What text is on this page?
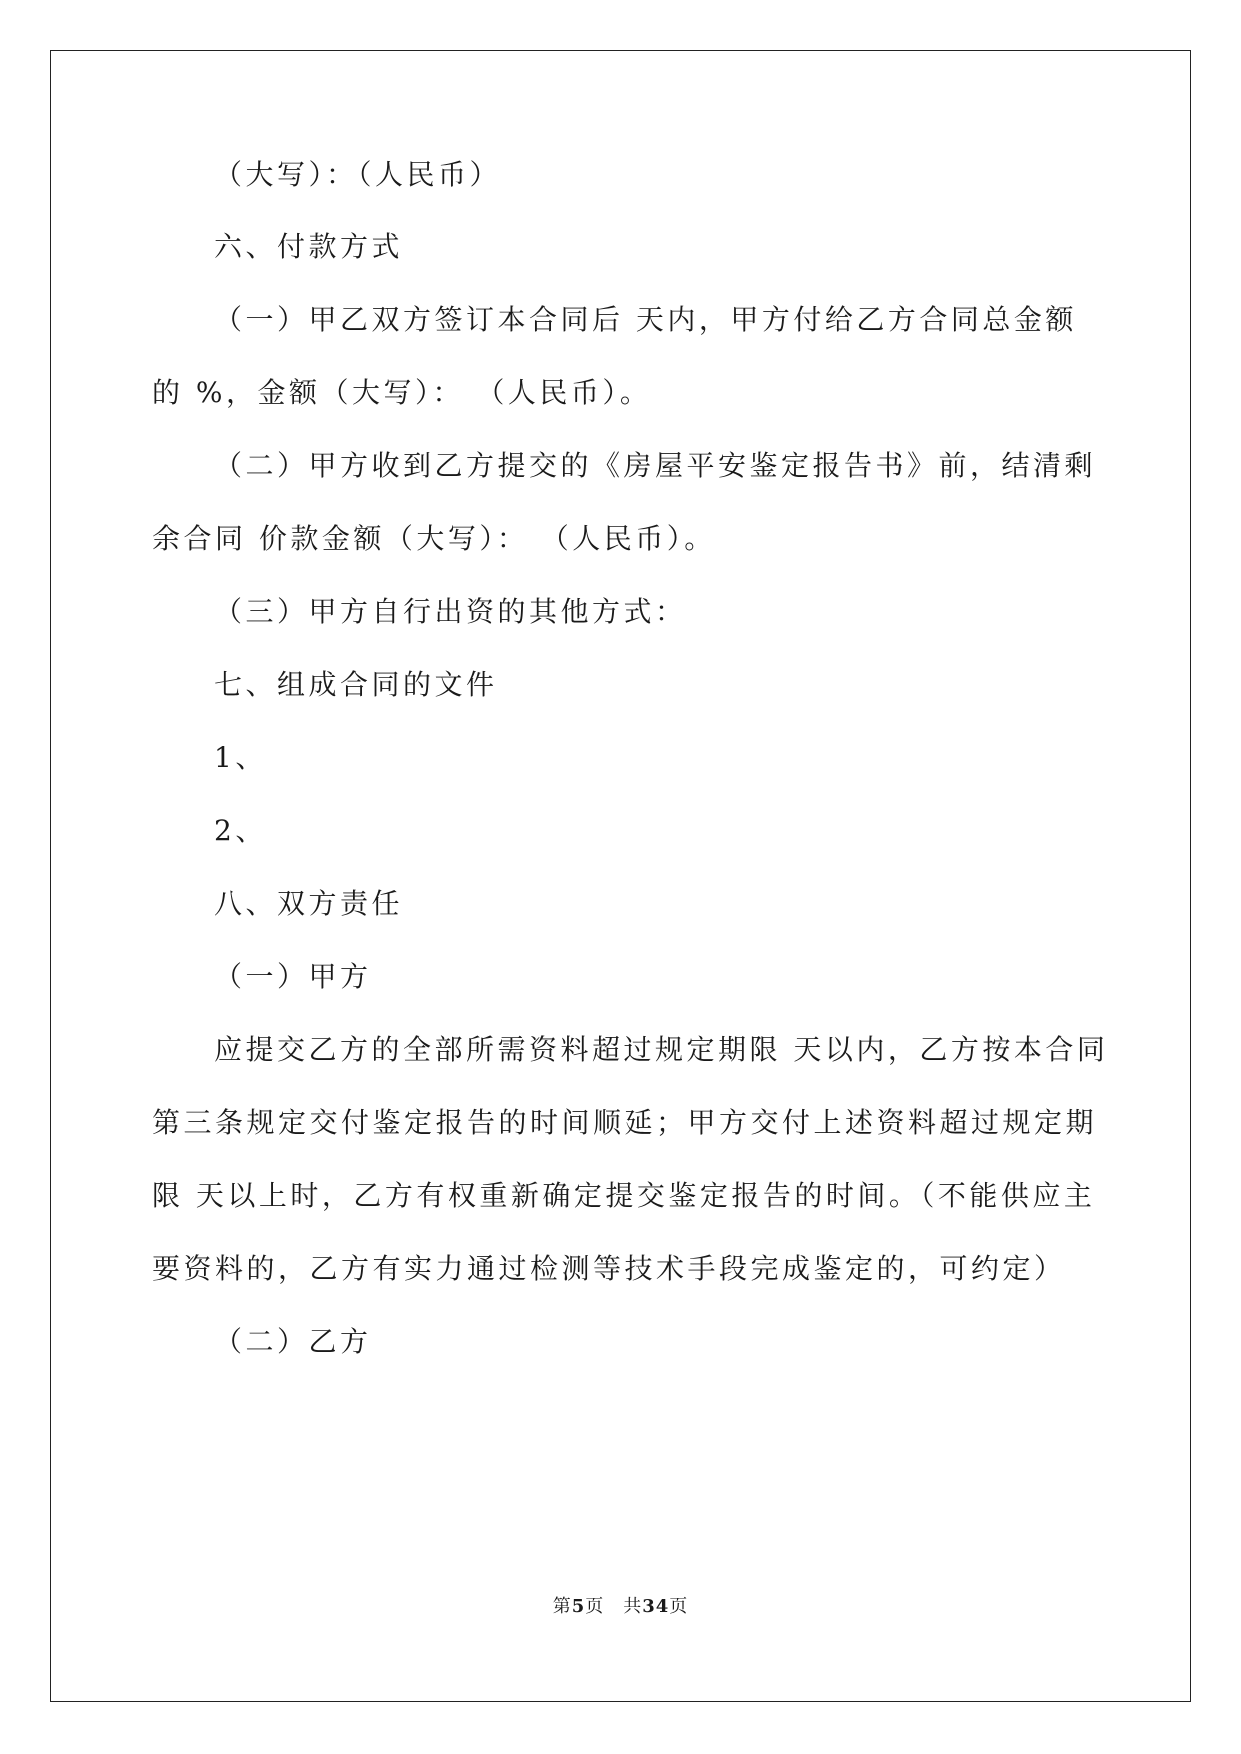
（大写）：（人民币）
六、付款方式
（一）甲乙双方签订本合同后 天内，甲方付给乙方合同总金额
的 %，金额（大写）： （人民币）。
（二）甲方收到乙方提交的《房屋平安鉴定报告书》前，结清剩
余合同 价款金额（大写）： （人民币）。
（三）甲方自行出资的其他方式：
七、组成合同的文件
1、
2、
八、双方责任
（一）甲方
应提交乙方的全部所需资料超过规定期限 天以内，乙方按本合同
第三条规定交付鉴定报告的时间顺延；甲方交付上述资料超过规定期
限 天以上时，乙方有权重新确定提交鉴定报告的时间。（不能供应主
要资料的，乙方有实力通过检测等技术手段完成鉴定的，可约定）
（二）乙方
第5页　共34页
